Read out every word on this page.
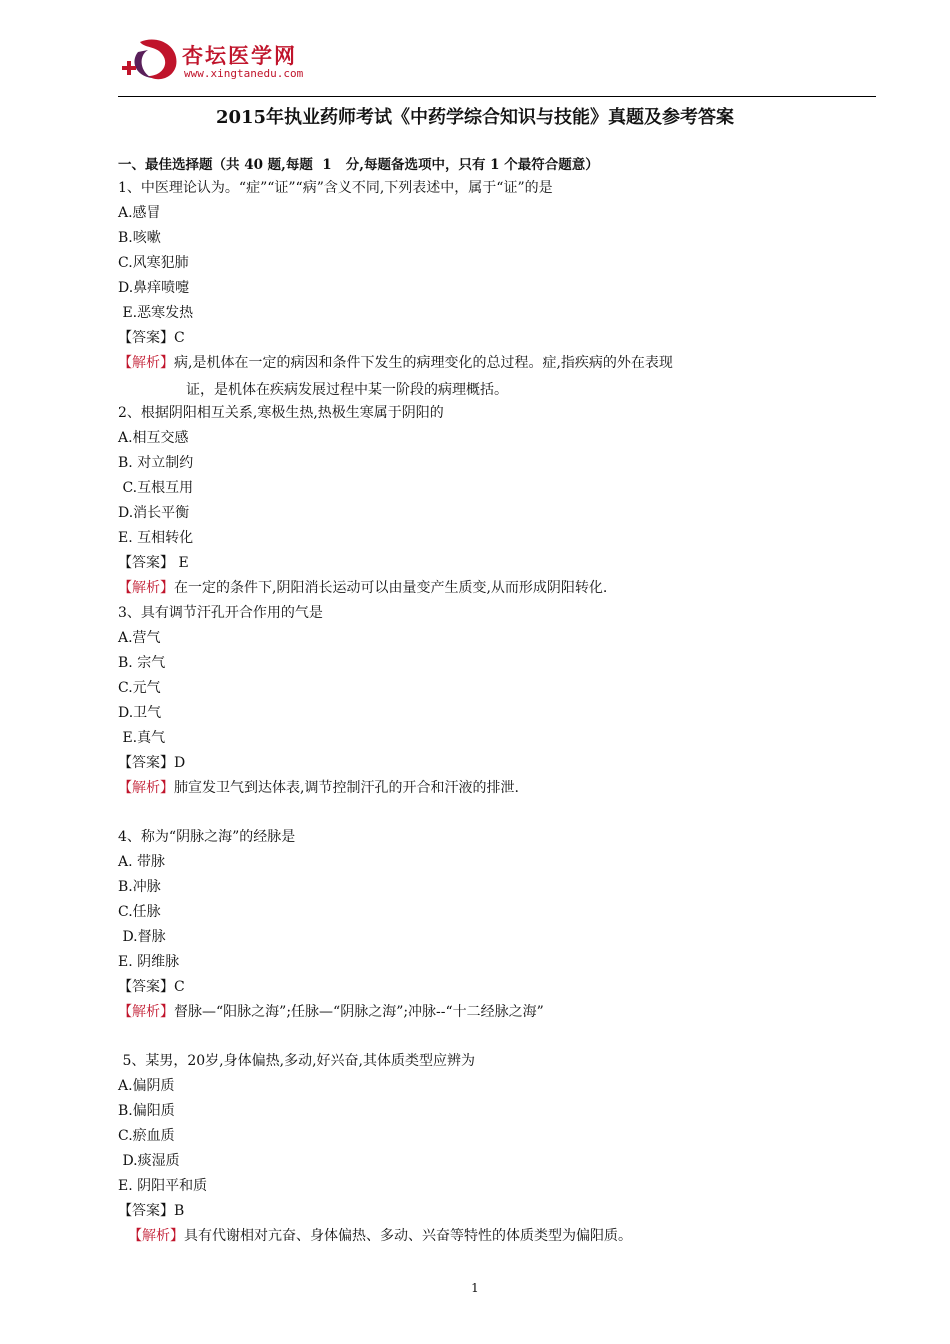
杏坛医学网
www.xingtanedu.com
2015年执业药师考试《中药学综合知识与技能》真题及参考答案
一、最佳选择题（共 40 题,每题  1   分,每题备选项中，只有 1 个最符合题意）
1、中医理论认为。“症”“证”“病”含义不同,下列表述中，属于“证”的是
A.感冒
B.咳嗽
C.风寒犯肺
D.鼻痒喷嚏
E.恶寒发热
【答案】C
【解析】病,是机体在一定的病因和条件下发生的病理变化的总过程。症,指疾病的外在表现
证，是机体在疾病发展过程中某一阶段的病理概括。
2、根据阴阳相互关系,寒极生热,热极生寒属于阴阳的
A.相互交感
B. 对立制约
C.互根互用
D.消长平衡
E. 互相转化
【答案】 E
【解析】在一定的条件下,阴阳消长运动可以由量变产生质变,从而形成阴阳转化.
3、具有调节汗孔开合作用的气是
A.营气
B. 宗气
C.元气
D.卫气
E.真气
【答案】D
【解析】肺宣发卫气到达体表,调节控制汗孔的开合和汗液的排泄.
4、称为“阴脉之海”的经脉是
A. 带脉
B.冲脉
C.任脉
D.督脉
E. 阴维脉
【答案】C
【解析】督脉—“阳脉之海”;任脉—“阴脉之海”;冲脉--“十二经脉之海”
5、某男，20岁,身体偏热,多动,好兴奋,其体质类型应辨为
A.偏阴质
B.偏阳质
C.瘀血质
D.痰湿质
E. 阴阳平和质
【答案】B
【解析】具有代谢相对亢奋、身体偏热、多动、兴奋等特性的体质类型为偏阳质。
1
